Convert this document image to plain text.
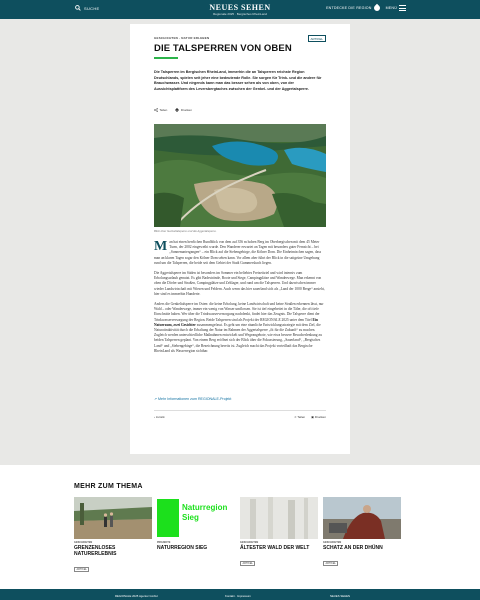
SUCHE	NEUES SEHEN
Regionale 2025 · Bergisches RheinLand
ENTDECKE DIE REGION	MENÜ
GESCHICHTEN · NATUR ERLEBEN	ARTIKEL
DIE TALSPERREN VON OBEN
Die Talsperren im Bergischen RheinLand, immerhin die an Talsperren reichste Region Deutschlands, spielen seit jeher eine bedeutende Rolle. Sie sorgen für Trink- und die andere für Brauchwasser. Und nirgends kann man das besser sehen als von oben, von der Aussichtsplattform des Leversbergtaches zwischen der Genkel- und der Aggertalsperre.
Teilen	Drucken
Blick über Genkeltalsperre und die Aggertalsperre.

Man hat einen herrlichen Rundblick von dem auf 356 m hohen Berg im Oberbergischen mit dem 45 Meter Turm, der 2002 eingeweiht wurde. Den Wanderer erwartet an Tagen mit besonders guter Fernsicht – bei „Sonnenuntergangen“ – ein Blick auf die Siebengebirge, die Kölner Dom. Die Einheimischen sagen, dass man an klaren Tagen sogar den Kölner Dom sehen kann. Vor allem aber führt der Blick in die sattgrüne Umgebung rund um die Talsperren, die beide seit dem Gebiet der Stadt Gummersbach liegen.

Die Aggertalsperre im Süden ist besonders im Sommer ein beliebtes Freizeitziel und wird intensiv zum Erholungsurlaub genutzt. Es gibt Badestrände, Boote und Stege, Campingplätze und Wanderwege. Man erkennt von oben die Dörfer und Straßen, Campingplätze und Zeltlager, und rund um die Talsperren. Und dazwischen immer wieder Landwirtschaft mit Wiesen und Feldern. Auch wenn das hier sauerland sich als „Land der 1000 Berge“ ansieht, hier sind es immerhin Hunderte.

Anders die Genkeltalsperre im Osten: die keine Erholung, keine Landwirtschaft und keine Straßen erkennen lässt, nur Wald – oder Wanderwege, immer ein wenig von Wasser umflossen. Sie ist tief eingebettet in die Täler, die oft tiefe Einschnitte haben. Wer über die Trinkwasserversorgung nachdenkt, findet hier das Zeugnis. Die Talsperre dient der Trinkwasserversorgung der Region. Beide Talsperren sind als Projekt der REGIONALE 2025 unter dem Titel Ein Naturraum, zwei Gesichter zusammengefasst. Es geht um eine räumliche Entwicklungsstrategie mit dem Ziel, die Naturattraktivität durch die Erhaltung der Natur im Rahmen der Aggertalsperre „fit für die Zukunft“ zu machen. Zugleich werden unterschiedliche Maßnahmen entwickelt und Wegeangebote, wie etwa bessere Besucherlenkung zu beiden Talsperren geplant. Von einem Berg eröffnet sich der Blick über die Fokussierung, „Sauerland“, „Bergisches Land“ und „Siebengebirge“, die Bezeichnung bereits ist. Zugleich macht das Projekt vorteilhaft das Bergische RheinLand als Wasserregion sichtbar.

↗ Mehr Informationen zum REGIONALE-Projekt
‹ zurück	⋖ Teilen ▣ Drucken
MEHR ZUM THEMA
GESCHICHTEN
GRENZENLOSES NATURERLEBNIS
ARTIKEL
Naturregion
Sieg
PROJEKTE
NATURREGION SIEG
GESCHICHTEN
ÄLTESTER WALD DER WELT
ARTIKEL
GESCHICHTEN
SCHATZ AN DER DHÜNN
ARTIKEL
REGIONALE 2025 Agentur GmbH	Kontakt · Impressum	NEUES SEHEN
